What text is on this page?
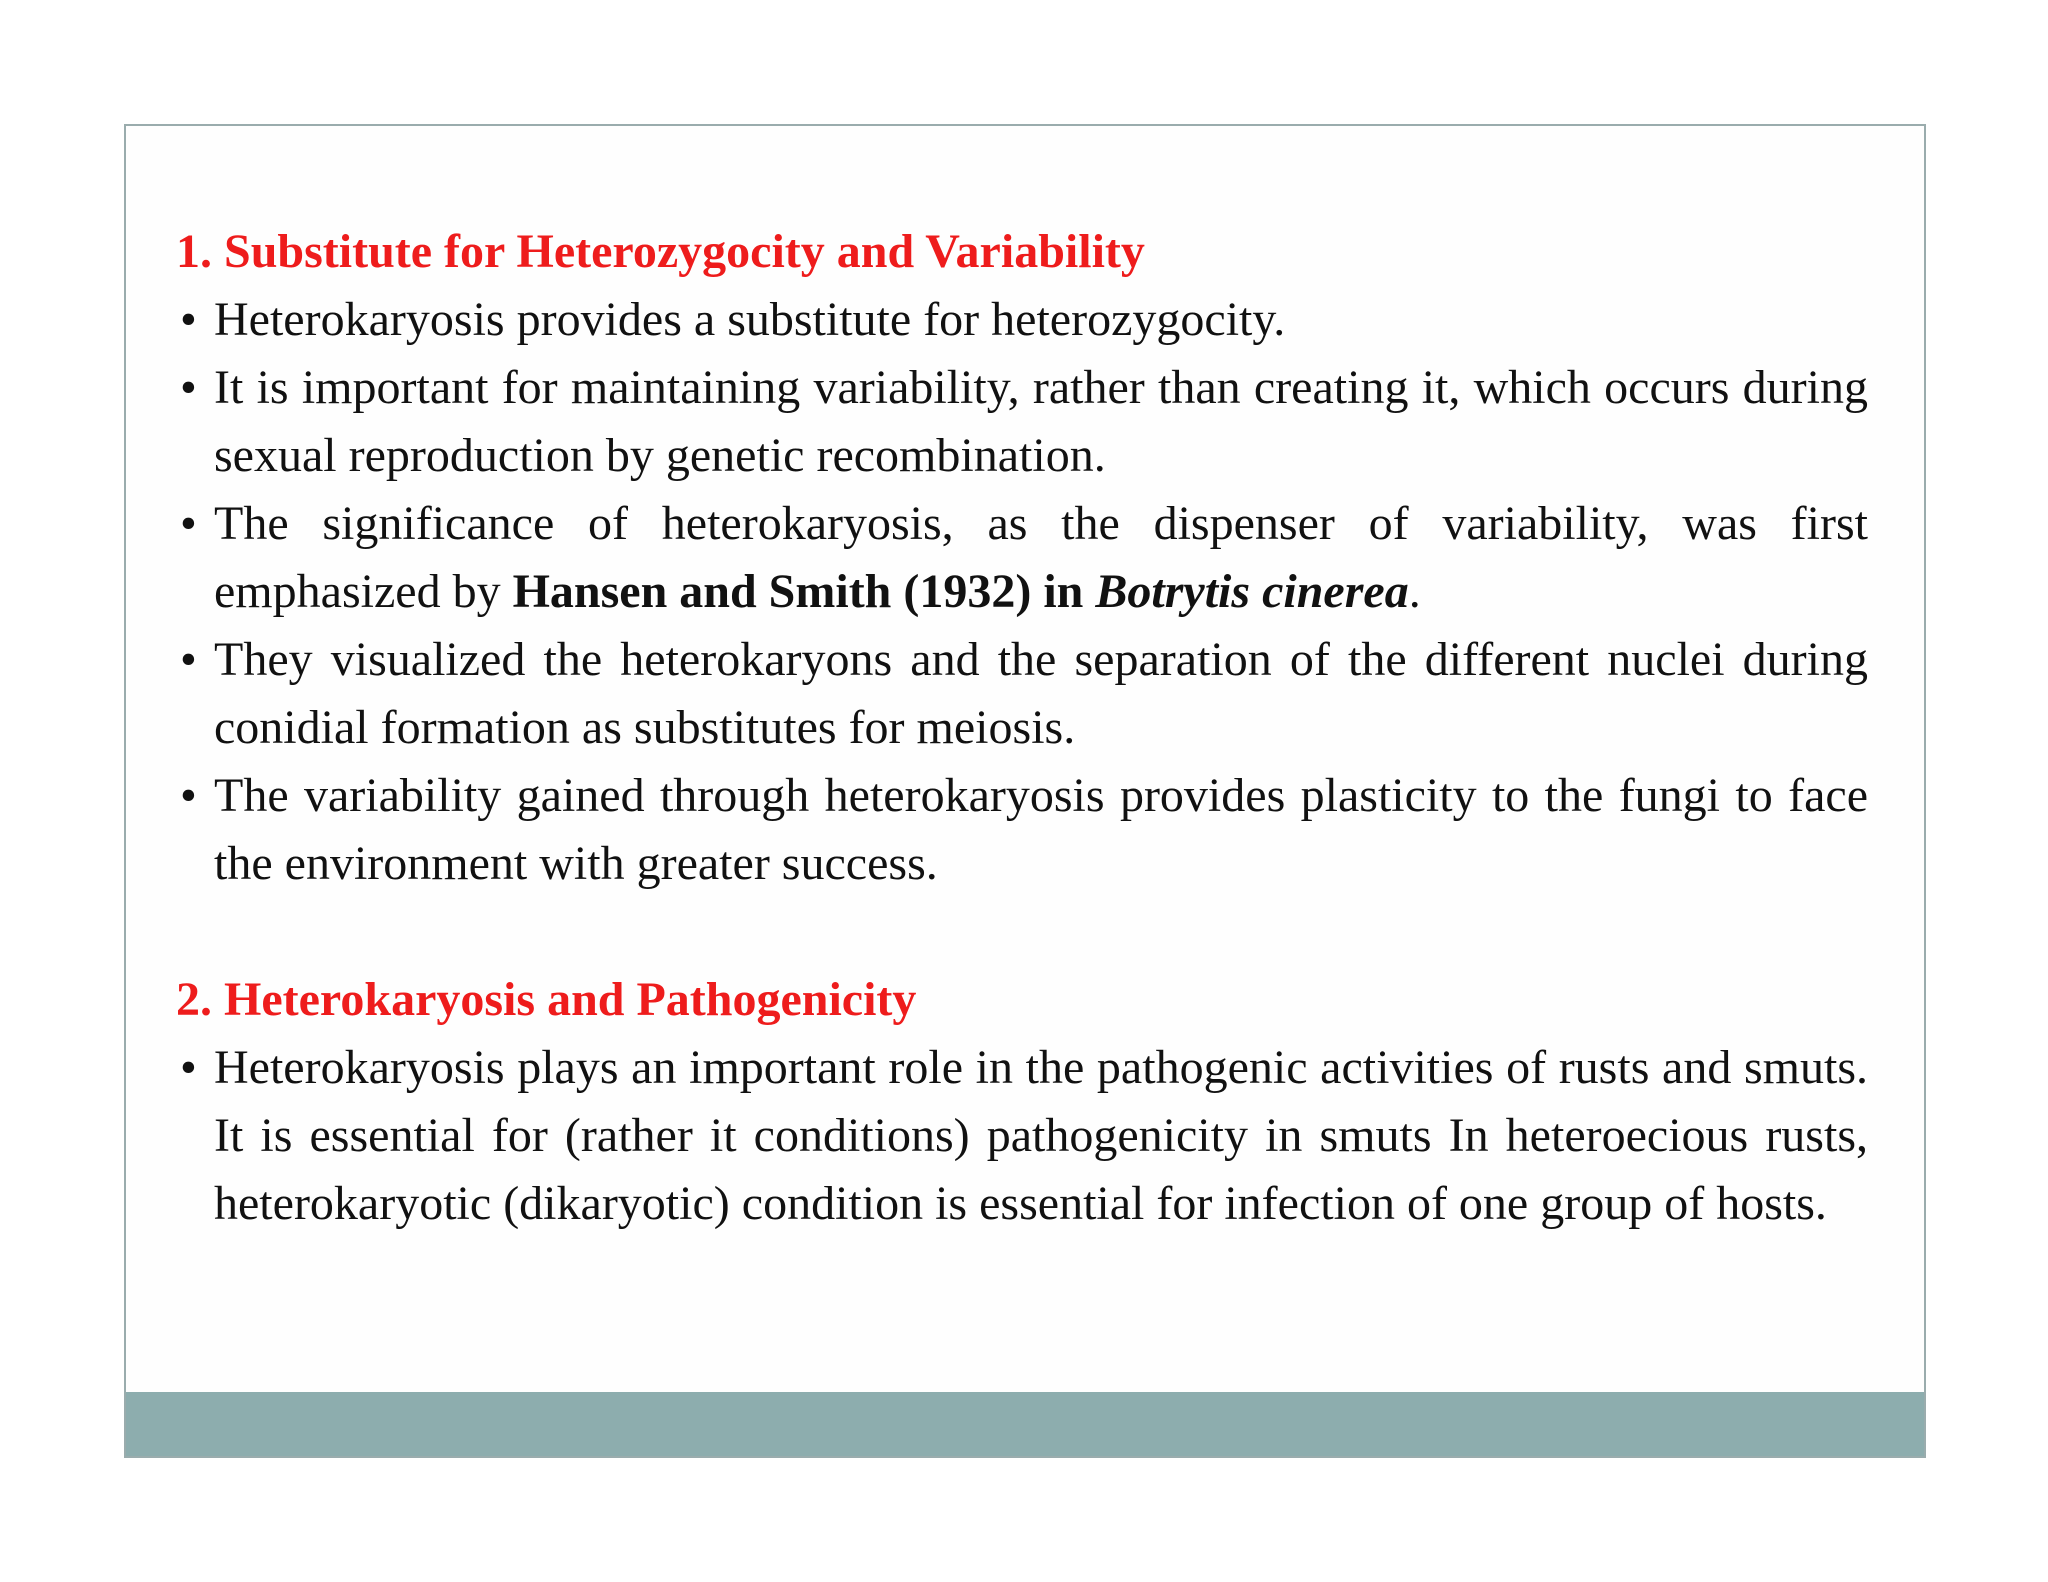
1. Substitute for Heterozygocity and Variability

• Heterokaryosis provides a substitute for heterozygocity.
• It is important for maintaining variability, rather than creating it, which occurs during sexual reproduction by genetic recombination.
• The significance of heterokaryosis, as the dispenser of variability, was first emphasized by Hansen and Smith (1932) in Botrytis cinerea.
• They visualized the heterokaryons and the separation of the different nuclei during conidial formation as substitutes for meiosis.
• The variability gained through heterokaryosis provides plasticity to the fungi to face the environment with greater success.

2. Heterokaryosis and Pathogenicity

• Heterokaryosis plays an important role in the pathogenic activities of rusts and smuts. It is essential for (rather it conditions) pathogenicity in smuts In heteroecious rusts, heterokaryotic (dikaryotic) condition is essential for infection of one group of hosts.
